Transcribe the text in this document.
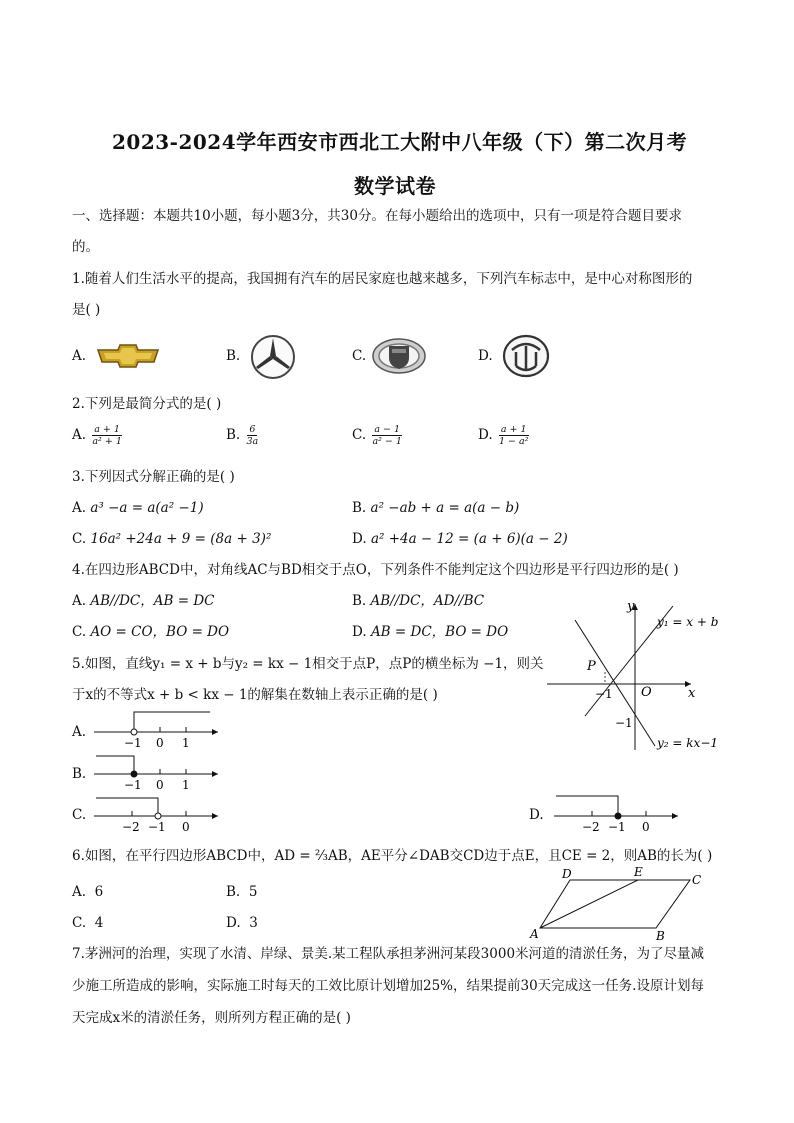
2023-2024学年西安市西北工大附中八年级（下）第二次月考
数学试卷
一、选择题：本题共10小题，每小题3分，共30分。在每小题给出的选项中，只有一项是符合题目要求
的。
1.随着人们生活水平的提高，我国拥有汽车的居民家庭也越来越多，下列汽车标志中，是中心对称图形的
是( )
A.	B.	C.	D.
2.下列是最简分式的是( )
A. $\frac{a + 1}{\text{a² + 1}}$	B. $\frac{6}{3a}$	C. $\frac{a - 1}{\text{a² − 1}}$	D. $\frac{a + 1}{\text{1 − a²}}$
3.下列因式分解正确的是( )
A. a³ −a = a(a² −1)	B. a² −ab + a = a(a − b)
C. 16a² +24a + 9 = (8a + 3)²	D. a² +4a − 12 = (a + 6)(a − 2)
4.在四边形ABCD中，对角线AC与BD相交于点O，下列条件不能判定这个四边形是平行四边形的是( )
A. AB//DC，AB = DC	B. AB//DC，AD//BC
C. AO = CO，BO = DO	D. AB = DC，BO = DO
5.如图，直线y₁ = x + b与y₂ = kx − 1相交于点P，点P的横坐标为 −1，则关
于x的不等式x + b < kx − 1的解集在数轴上表示正确的是( )
y
x
O
P
−1
−1
y₁ = x + b
y₂ = kx−1
A.
−1 0 1
B.
−1 0 1
C.
−2 −1 0
D.
−2 −1 0
6.如图，在平行四边形ABCD中，AD = ⅔AB，AE平分∠DAB交CD边于点E，且CE = 2，则AB的长为( )
A. 6	B. 5
C. 4	D. 3
A	B
C
D	E
7.茅洲河的治理，实现了水清、岸绿、景美.某工程队承担茅洲河某段3000米河道的清淤任务，为了尽量减
少施工所造成的影响，实际施工时每天的工效比原计划增加25%，结果提前30天完成这一任务.设原计划每
天完成x米的清淤任务，则所列方程正确的是( )
